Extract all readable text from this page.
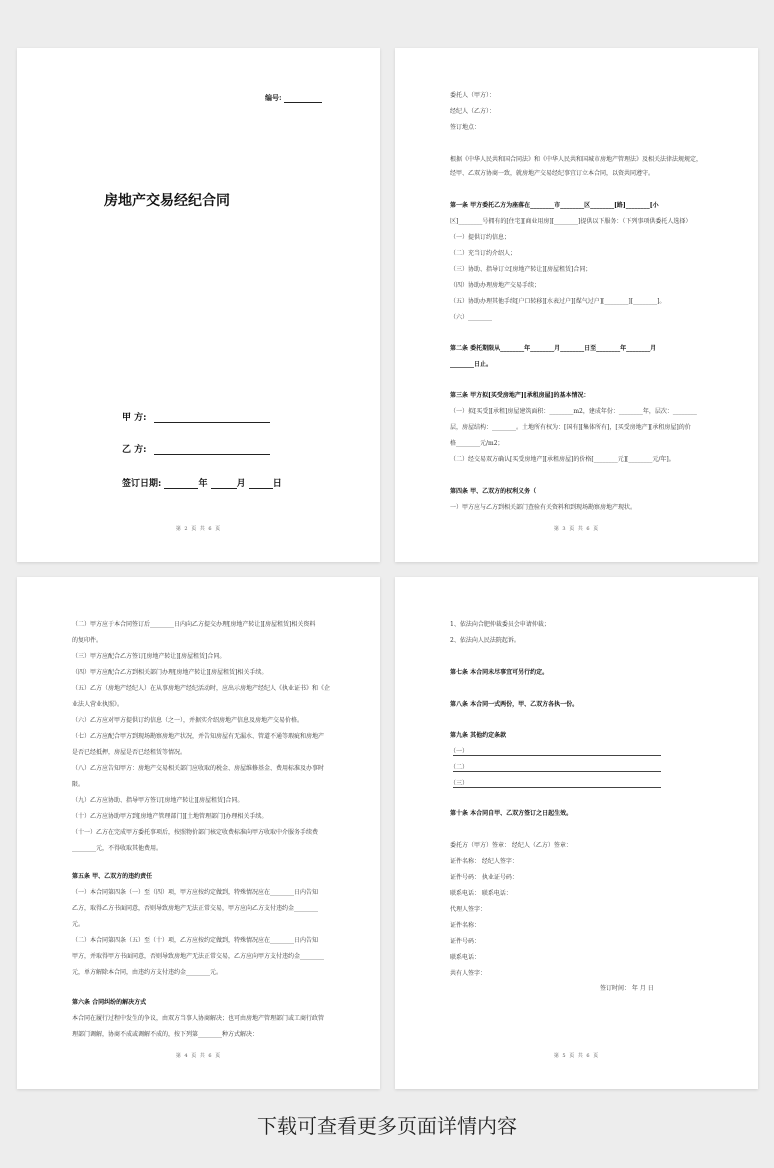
编号:
房地产交易经纪合同
甲 方:
乙 方:
签订日期:	年	月	日
第 2 页 共 6 页
委托人（甲方）：
经纪人（乙方）：
签订地点：
根据《中华人民共和国合同法》和《中华人民共和国城市房地产管理法》及相关法律法规规定，
经甲、乙双方协商一致，就房地产交易经纪事宜订立本合同，以资共同遵守。
第一条 甲方委托乙方为座落在________市________区________[路]________[小
区]________号拥有的[住宅][商业用房][________]提供以下服务：（下列事项供委托人选择）
（一）提供订约信息；
（二）充当订约介绍人；
（三）协助、指导订立[房地产转让][房屋租赁]合同；
（四）协助办理房地产交易手续；
（五）协助办理其他手续[户口转移][水表过户][煤气过户][________][________]。
（六）________
第二条 委托期限从________年________月________日至________年________月
________日止。
第三条 甲方拟[买受房地产][承租房屋]的基本情况：
（一）拟[买受][承租]房屋建筑面积：________m2，建成年份：________年，层次：________
层，房屋结构：________。土地所有权为：[国有][集体所有]，[买受房地产][承租房屋]的价
格________元/m2；
（二）经交易双方确认[买受房地产][承租房屋]的价格[________元][________元/年]。
第四条 甲、乙双方的权利义务（
一）甲方应与乙方到相关部门查验有关资料和到现场勘察房地产现状。
第 3 页 共 6 页
（二）甲方应于本合同签订后________日内向乙方提交办理[房地产转让][房屋租赁]相关资料
的复印件。
（三）甲方应配合乙方签订[房地产转让][房屋租赁]合同。
（四）甲方应配合乙方到相关部门办理[房地产转让][房屋租赁]相关手续。
（五）乙方（房地产经纪人）在从事房地产经纪活动时，应出示房地产经纪人《执业证书》和《企
业法人营业执照》。
（六）乙方应对甲方提供订约信息（之一），并据实介绍房地产信息及房地产交易价格。
（七）乙方应配合甲方到现场勘察房地产状况，并告知房屋有无漏水、管道不通等瑕疵和房地产
是否已经抵押，房屋是否已经租赁等情况。
（八）乙方应告知甲方：房地产交易相关部门应收取的税金、房屋维修基金、费用标准及办事时
限。
（九）乙方应协助、指导甲方签订[房地产转让][房屋租赁]合同。
（十）乙方应协助甲方到[房地产管理部门][土地管理部门]办理相关手续。
（十一）乙方在完成甲方委托事项后，按照物价部门核定收费标准向甲方收取中介服务手续费
________元，不得收取其他费用。
第五条 甲、乙双方的违约责任
（一）本合同第四条（一）至（四）项，甲方应按约定做到，特殊情况应在________日内告知
乙方，取得乙方书面同意，否则导致房地产无法正常交易，甲方应向乙方支付违约金________
元。
（二）本合同第四条（五）至（十）项，乙方应按约定做到，特殊情况应在________日内告知
甲方，并取得甲方书面同意，否则导致房地产无法正常交易，乙方应向甲方支付违约金________
元，单方解除本合同，由违约方支付违约金________元。
第六条 合同纠纷的解决方式
本合同在履行过程中发生的争议，由双方当事人协商解决；也可由房地产管理部门或工商行政管
理部门调解，协商不成或调解不成的，按下列第________种方式解决：
第 4 页 共 6 页
1、依法向合肥仲裁委员会申请仲裁；
2、依法向人民法院起诉。
第七条 本合同未尽事宜可另行约定。
第八条 本合同一式两份，甲、乙双方各执一份。
第九条 其他约定条款
（一）
（二）
（三）
第十条 本合同自甲、乙双方签订之日起生效。
委托方（甲方）签章： 经纪人（乙方）签章：
证件名称： 经纪人签字：
证件号码： 执业证号码：
联系电话： 联系电话：
代理人签字：
证件名称：
证件号码：
联系电话：
共有人签字：
签订时间： 年 月 日
第 5 页 共 6 页
下载可查看更多页面详情内容
